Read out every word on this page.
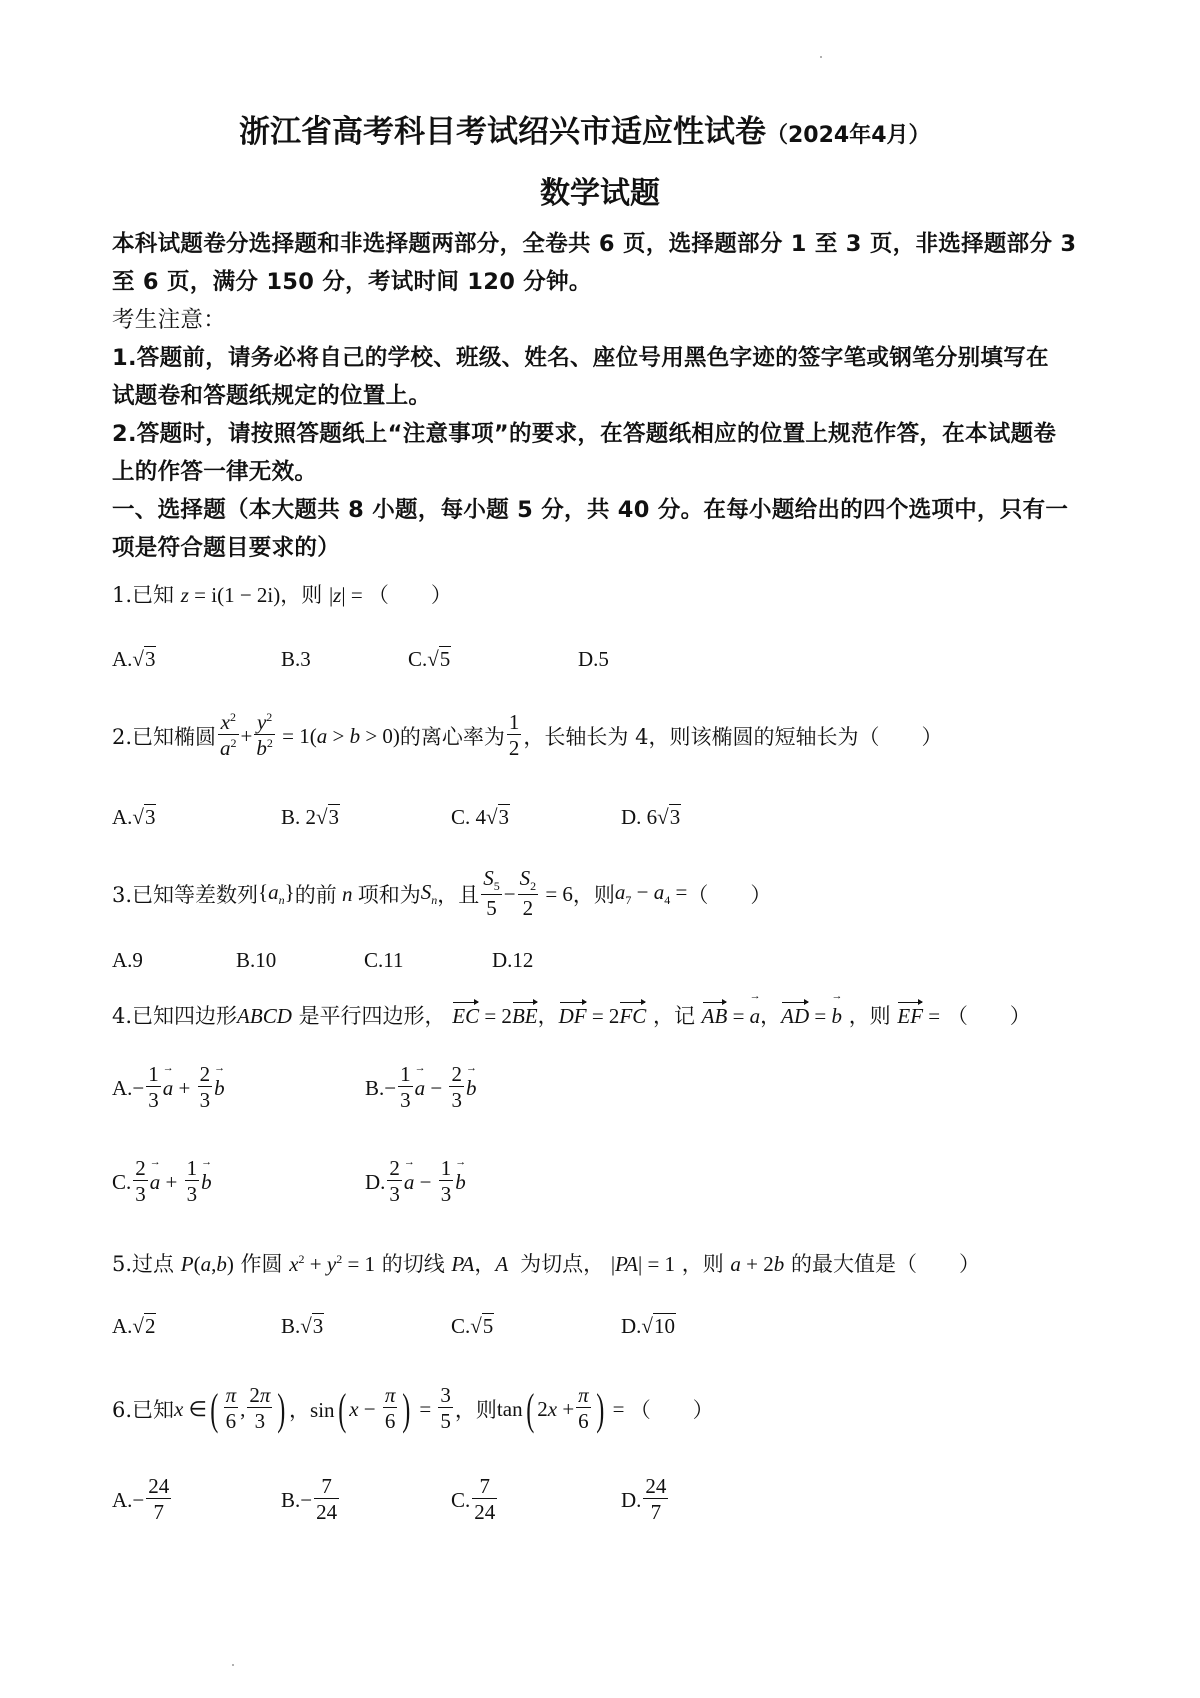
浙江省高考科目考试绍兴市适应性试卷（2024年4月）
数学试题
本科试题卷分选择题和非选择题两部分，全卷共 6 页，选择题部分 1 至 3 页，非选择题部分 3
至 6 页，满分 150 分，考试时间 120 分钟。
考生注意：
1.答题前，请务必将自己的学校、班级、姓名、座位号用黑色字迹的签字笔或钢笔分别填写在
试题卷和答题纸规定的位置上。
2.答题时，请按照答题纸上“注意事项”的要求，在答题纸相应的位置上规范作答，在本试题卷
上的作答一律无效。
一、选择题（本大题共 8 小题，每小题 5 分，共 40 分。在每小题给出的四个选项中，只有一
项是符合题目要求的）
1.已知 z = i(1 − 2i)，则 |z| = （　　）
A.√3	B.3	C.√5	D.5
2.已知椭圆
$x^2$
$a^2 + \frac{y^2}{b^2} = 1(a > b > 0)$ 的离心率为
1
2 ，长轴长为 4，则该椭圆的短轴长为（　　）
A.√3	B. 2√3	C. 4√3	D. 6√3
3.已知等差数列 $\{a_n\}$ 的前 n 项和为 $S_n$ ，且
$S_5$
5
− $\frac{S_2}{2} = 6$ ，则 $a_7 - a_4$ = （　　）
A.9	B.10	C.11	D.12
4.已知四边形ABCD 是平行四边形， EC = 2BE，DF = 2FC ，记 AB = a →，AD = b → ，则 EF = （　　）
A. − $\frac{1}{3}$ a → + $\frac{2}{3}$ b →	B. − $\frac{1}{3}$ a → − $\frac{2}{3}$ b →
C.
2
3
a → + $\frac{1}{3}$ b →	D.
2
3
a → − $\frac{1}{3}$ b →
5.过点 P(a,b) 作圆 $x^2 + y^2 = 1$ 的切线 PA，A 为切点， |PA| = 1 ，则 a + 2b 的最大值是（　　）
A.√2	B.√3	C.√5	D.√10
6.已知 x ∈ ( π
6
,
2π
3 ) ，sin ( $x - \frac{\pi}{6}$ ) = $\frac{3}{5}$ ，则 tan ( $2x + \frac{\pi}{6}$ ) = （　　）
A. − $\frac{24}{7}$	B. − $\frac{7}{24}$	C.
7
24
D.
24
7
